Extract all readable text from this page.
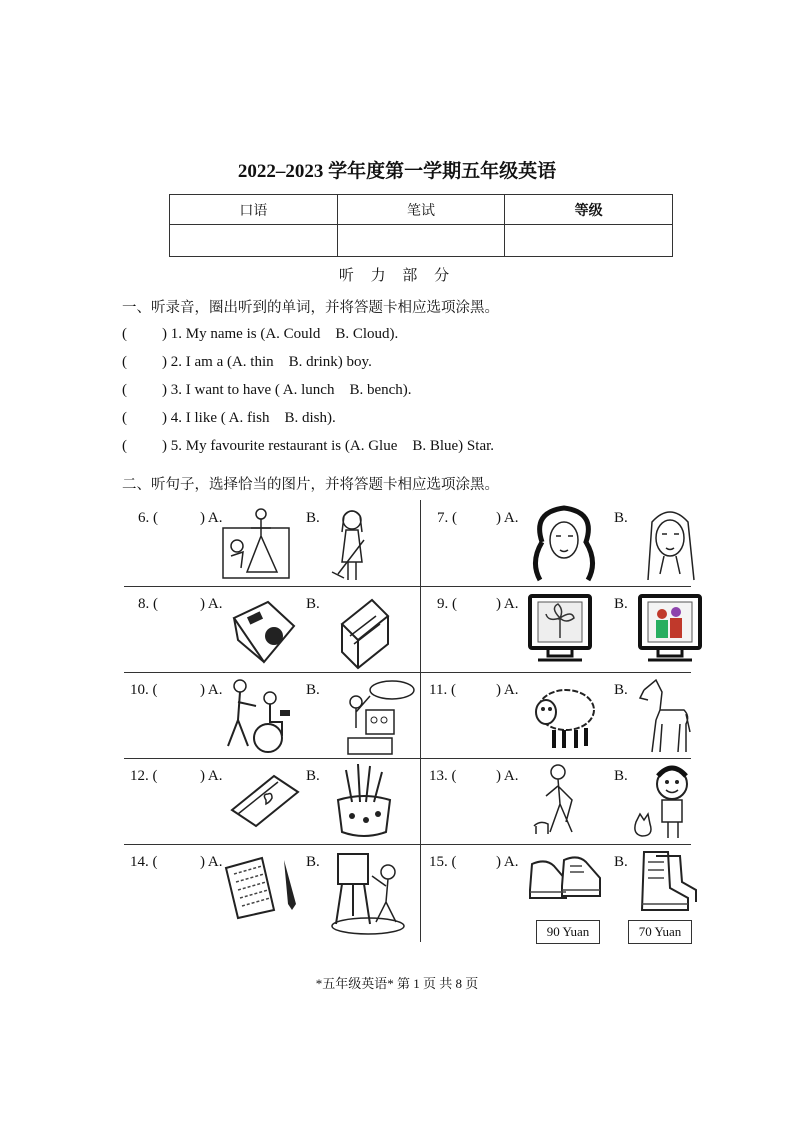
2022–2023 学年度第一学期五年级英语
口语	笔试	等级

听 力 部 分
一、听录音，圈出听到的单词，并将答题卡相应选项涂黑。
( ) 1. My name is (A. Could    B. Cloud).
( ) 2. I am a (A. thin    B. drink) boy.
( ) 3. I want to have ( A. lunch    B. bench).
( ) 4. I like ( A. fish    B. dish).
( ) 5. My favourite restaurant is (A. Glue    B. Blue) Star.
二、听句子，选择恰当的图片，并将答题卡相应选项涂黑。
6. (	) A.	B.	7. (	) A.	B.
8. (	) A.	B.	9. (	) A.	B.
10. (	) A.	B.	11. (	) A.	B.
12. (	) A.	B.	13. (	) A.	B.
14. (	) A.	B.	15. (	) A.	B.
90 Yuan	70 Yuan
*五年级英语* 第 1 页 共 8 页
